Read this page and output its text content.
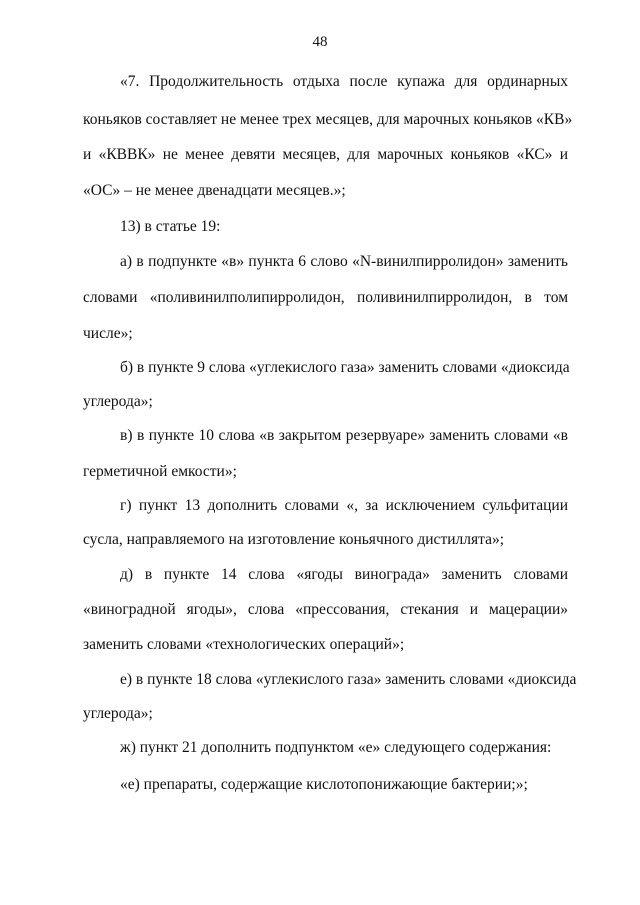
48
«7. Продолжительность отдыха после купажа для ординарных
коньяков составляет не менее трех месяцев, для марочных коньяков «КВ»
и «КВВК» не менее девяти месяцев, для марочных коньяков «КС» и
«ОС» – не менее двенадцати месяцев.»;
13) в статье 19:
а) в подпункте «в» пункта 6 слово «N-винилпирролидон» заменить
словами «поливинилполипирролидон, поливинилпирролидон, в том
числе»;
б) в пункте 9 слова «углекислого газа» заменить словами «диоксида
углерода»;
в) в пункте 10 слова «в закрытом резервуаре» заменить словами «в
герметичной емкости»;
г) пункт 13 дополнить словами «, за исключением сульфитации
сусла, направляемого на изготовление коньячного дистиллята»;
д) в пункте 14 слова «ягоды винограда» заменить словами
«виноградной ягоды», слова «прессования, стекания и мацерации»
заменить словами «технологических операций»;
е) в пункте 18 слова «углекислого газа» заменить словами «диоксида
углерода»;
ж) пункт 21 дополнить подпунктом «е» следующего содержания:
«е) препараты, содержащие кислотопонижающие бактерии;»;
